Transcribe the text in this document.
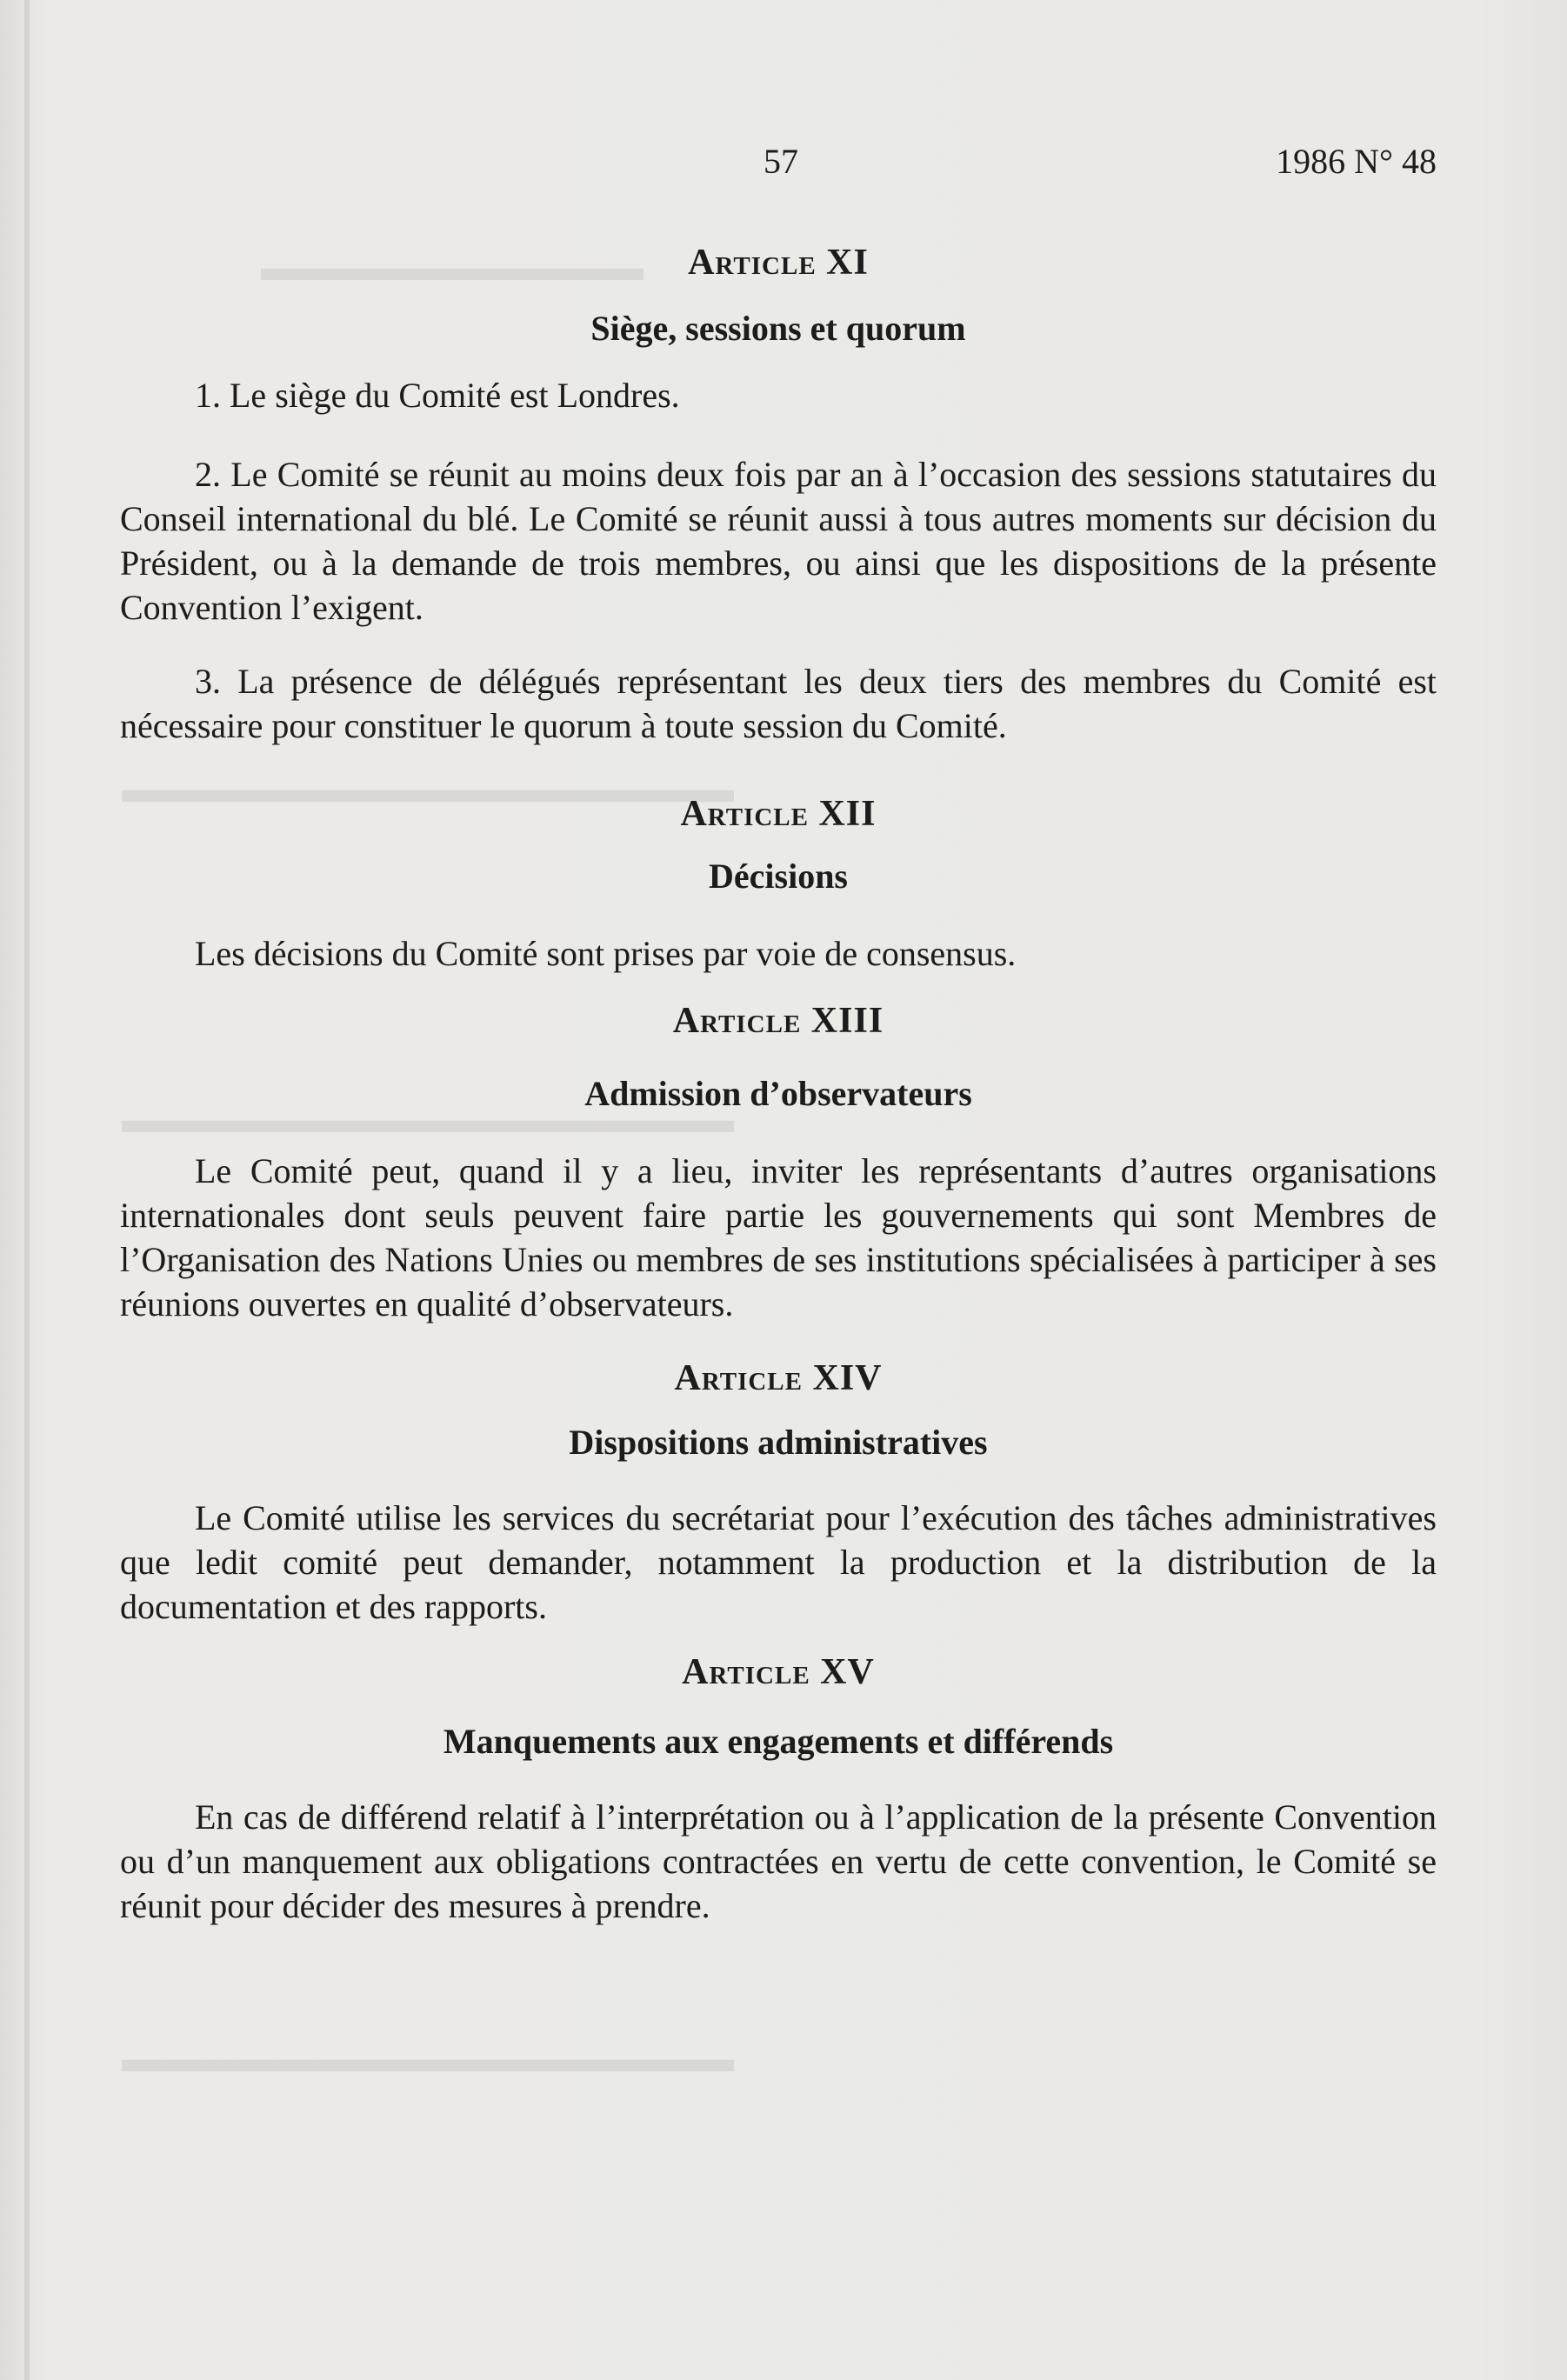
▬▬▬▬▬▬▬▬▬▬
▬▬▬▬▬▬▬▬▬▬▬▬▬▬▬▬
▬▬▬▬▬▬▬▬▬▬▬▬▬▬▬▬
▬▬▬▬▬▬▬▬▬▬▬▬▬▬▬▬
57	1986 N° 48
Article XI
Siège, sessions et quorum

1. Le siège du Comité est Londres.

2. Le Comité se réunit au moins deux fois par an à l’occasion des sessions statutaires du Conseil international du blé. Le Comité se réunit aussi à tous autres moments sur décision du Président, ou à la demande de trois membres, ou ainsi que les dispositions de la présente Convention l’exigent.

3. La présence de délégués représentant les deux tiers des membres du Comité est nécessaire pour constituer le quorum à toute session du Comité.

Article XII
Décisions

Les décisions du Comité sont prises par voie de consensus.

Article XIII
Admission d’observateurs

Le Comité peut, quand il y a lieu, inviter les représentants d’autres organisations internationales dont seuls peuvent faire partie les gouvernements qui sont Membres de l’Organisation des Nations Unies ou membres de ses institutions spécialisées à participer à ses réunions ouvertes en qualité d’observateurs.

Article XIV
Dispositions administratives

Le Comité utilise les services du secrétariat pour l’exécution des tâches administratives que ledit comité peut demander, notamment la production et la distribution de la documentation et des rapports.

Article XV
Manquements aux engagements et différends

En cas de différend relatif à l’interprétation ou à l’application de la présente Convention ou d’un manquement aux obligations contractées en vertu de cette convention, le Comité se réunit pour décider des mesures à prendre.
